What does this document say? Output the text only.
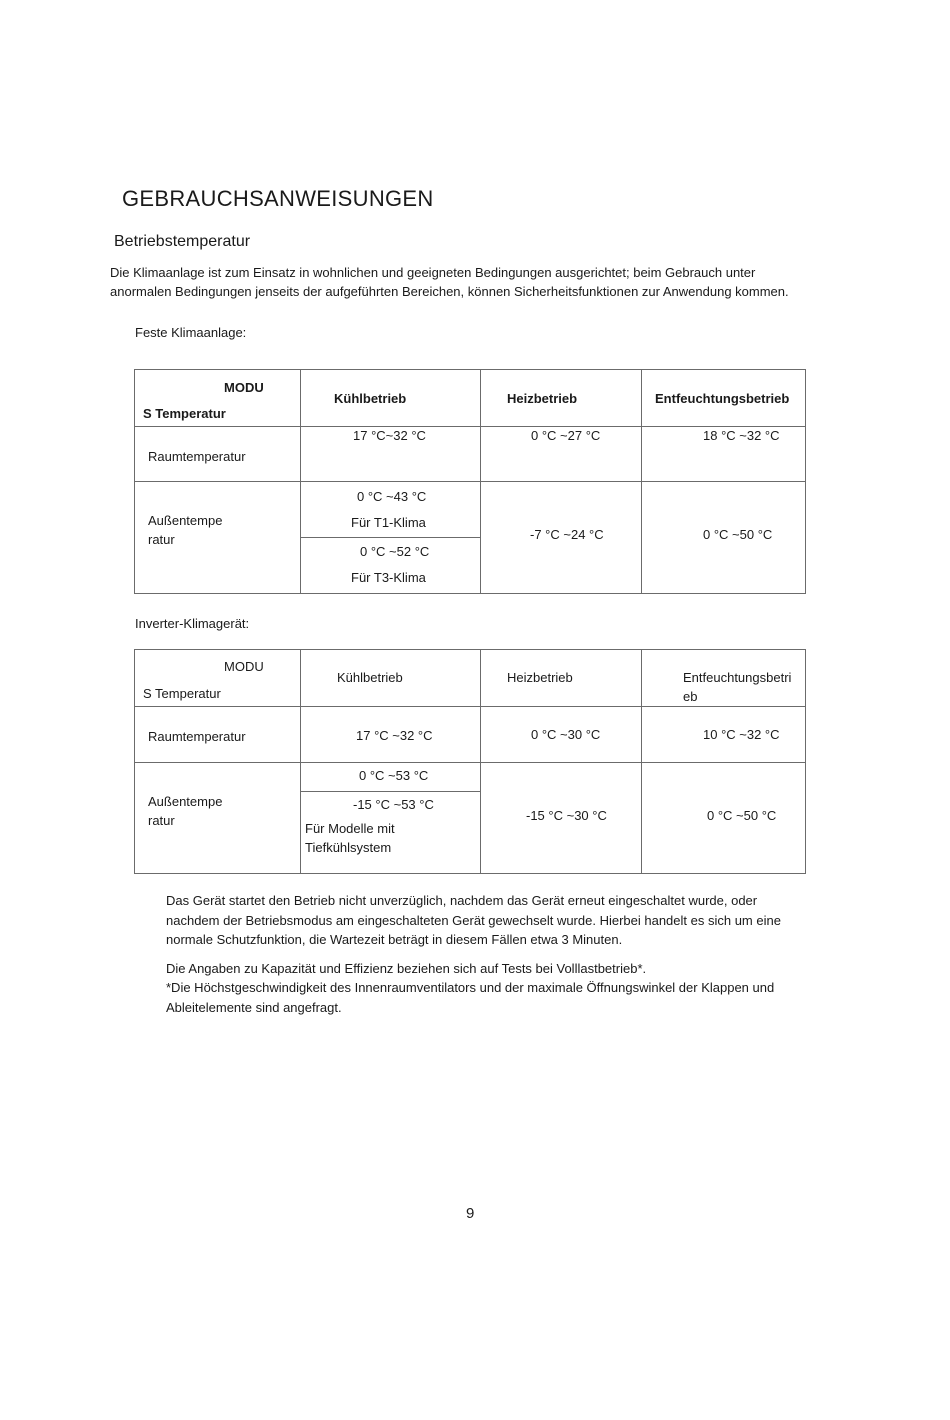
GEBRAUCHSANWEISUNGEN
Betriebstemperatur

Die Klimaanlage ist zum Einsatz in wohnlichen und geeigneten Bedingungen ausgerichtet; beim Gebrauch unter anormalen Bedingungen jenseits der aufgeführten Bereichen, können Sicherheitsfunktionen zur Anwendung kommen.

Feste Klimaanlage:

MODU
S Temperatur	Kühlbetrieb	Heizbetrieb	Entfeuchtungsbetrieb

Raumtemperatur	17 °C~32 °C	0 °C ~27 °C	18 °C ~32 °C

Außentempe
ratur	0 °C ~43 °C
Für T1-Klima	-7 °C ~24 °C	0 °C ~50 °C

	0 °C ~52 °C
Für T3-Klima		

Inverter-Klimagerät:

MODU
S Temperatur	Kühlbetrieb	Heizbetrieb	Entfeuchtungsbetri
eb

Raumtemperatur	17 °C ~32 °C	0 °C ~30 °C	10 °C ~32 °C

Außentempe
ratur	0 °C ~53 °C	-15 °C ~30 °C	0 °C ~50 °C

	-15 °C ~53 °C
Für Modelle mit
Tiefkühlsystem		

Das Gerät startet den Betrieb nicht unverzüglich, nachdem das Gerät erneut eingeschaltet wurde, oder nachdem der Betriebsmodus am eingeschalteten Gerät gewechselt wurde. Hierbei handelt es sich um eine normale Schutzfunktion, die Wartezeit beträgt in diesem Fällen etwa 3 Minuten.

Die Angaben zu Kapazität und Effizienz beziehen sich auf Tests bei Volllastbetrieb*.

*Die Höchstgeschwindigkeit des Innenraumventilators und der maximale Öffnungswinkel der Klappen und Ableitelemente sind angefragt.

9
